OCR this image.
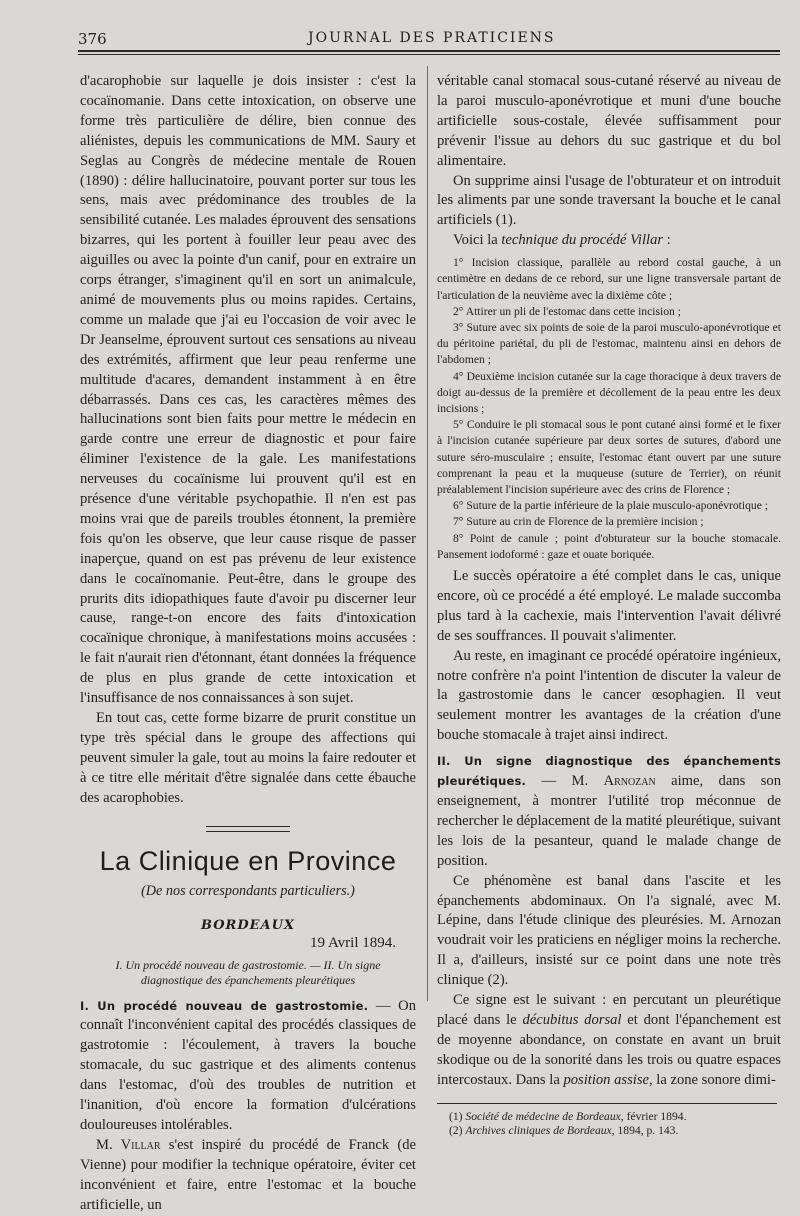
376	JOURNAL DES PRATICIENS

d'acarophobie sur laquelle je dois insister : c'est la cocaïnomanie. Dans cette intoxication, on observe une forme très particulière de délire, bien connue des aliénistes, depuis les communications de MM. Saury et Seglas au Congrès de médecine mentale de Rouen (1890) : délire hallucinatoire, pouvant porter sur tous les sens, mais avec prédominance des troubles de la sensibilité cutanée. Les malades éprouvent des sensations bizarres, qui les portent à fouiller leur peau avec des aiguilles ou avec la pointe d'un canif, pour en extraire un corps étranger, s'imaginent qu'il en sort un animalcule, animé de mouvements plus ou moins rapides. Certains, comme un malade que j'ai eu l'occasion de voir avec le Dr Jeanselme, éprouvent surtout ces sensations au niveau des extrémités, affirment que leur peau renferme une multitude d'acares, demandent instamment à en être débarrassés. Dans ces cas, les caractères mêmes des hallucinations sont bien faits pour mettre le médecin en garde contre une erreur de diagnostic et pour faire éliminer l'existence de la gale. Les manifestations nerveuses du cocaïnisme lui prouvent qu'il est en présence d'une véritable psychopathie. Il n'en est pas moins vrai que de pareils troubles étonnent, la première fois qu'on les observe, que leur cause risque de passer inaperçue, quand on est pas prévenu de leur existence dans le cocaïnomanie. Peut-être, dans le groupe des prurits dits idiopathiques faute d'avoir pu discerner leur cause, range-t-on encore des faits d'intoxication cocaïnique chronique, à manifestations moins accusées : le fait n'aurait rien d'étonnant, étant données la fréquence de plus en plus grande de cette intoxication et l'insuffisance de nos connaissances à son sujet.

En tout cas, cette forme bizarre de prurit constitue un type très spécial dans le groupe des affections qui peuvent simuler la gale, tout au moins la faire redouter et à ce titre elle méritait d'être signalée dans cette ébauche des acarophobies.

La Clinique en Province
(De nos correspondants particuliers.)
BORDEAUX
19 Avril 1894.
I. Un procédé nouveau de gastrostomie. — II. Un signe diagnostique des épanchements pleurétiques

I. Un procédé nouveau de gastrostomie. — On connaît l'inconvénient capital des procédés classiques de gastrotomie : l'écoulement, à travers la bouche stomacale, du suc gastrique et des aliments contenus dans l'estomac, d'où des troubles de nutrition et l'inanition, d'où encore la formation d'ulcérations douloureuses intolérables.

M. Villar s'est inspiré du procédé de Franck (de Vienne) pour modifier la technique opératoire, éviter cet inconvénient et faire, entre l'estomac et la bouche artificielle, un

véritable canal stomacal sous-cutané réservé au niveau de la paroi musculo-aponévrotique et muni d'une bouche artificielle sous-costale, élevée suffisamment pour prévenir l'issue au dehors du suc gastrique et du bol alimentaire.

On supprime ainsi l'usage de l'obturateur et on introduit les aliments par une sonde traversant la bouche et le canal artificiels (1).

Voici la technique du procédé Villar :

1° Incision classique, parallèle au rebord costal gauche, à un centimètre en dedans de ce rebord, sur une ligne transversale partant de l'articulation de la neuvième avec la dixième côte ;

2° Attirer un pli de l'estomac dans cette incision ;

3° Suture avec six points de soie de la paroi musculo-aponévrotique et du péritoine pariétal, du pli de l'estomac, maintenu ainsi en dehors de l'abdomen ;

4° Deuxième incision cutanée sur la cage thoracique à deux travers de doigt au-dessus de la première et décollement de la peau entre les deux incisions ;

5° Conduire le pli stomacal sous le pont cutané ainsi formé et le fixer à l'incision cutanée supérieure par deux sortes de sutures, d'abord une suture séro-musculaire ; ensuite, l'estomac étant ouvert par une suture comprenant la peau et la muqueuse (suture de Terrier), on réunit préalablement l'incision supérieure avec des crins de Florence ;

6° Suture de la partie inférieure de la plaie musculo-aponévrotique ;

7° Suture au crin de Florence de la première incision ;

8° Point de canule ; point d'obturateur sur la bouche stomacale. Pansement iodoformé : gaze et ouate boriquée.

Le succès opératoire a été complet dans le cas, unique encore, où ce procédé a été employé. Le malade succomba plus tard à la cachexie, mais l'intervention l'avait délivré de ses souffrances. Il pouvait s'alimenter.

Au reste, en imaginant ce procédé opératoire ingénieux, notre confrère n'a point l'intention de discuter la valeur de la gastrostomie dans le cancer œsophagien. Il veut seulement montrer les avantages de la création d'une bouche stomacale à trajet ainsi indirect.

II. Un signe diagnostique des épanchements pleurétiques. — M. Arnozan aime, dans son enseignement, à montrer l'utilité trop méconnue de rechercher le déplacement de la matité pleurétique, suivant les lois de la pesanteur, quand le malade change de position.

Ce phénomène est banal dans l'ascite et les épanchements abdominaux. On l'a signalé, avec M. Lépine, dans l'étude clinique des pleurésies. M. Arnozan voudrait voir les praticiens en négliger moins la recherche. Il a, d'ailleurs, insisté sur ce point dans une note très clinique (2).

Ce signe est le suivant : en percutant un pleurétique placé dans le décubitus dorsal et dont l'épanchement est de moyenne abondance, on constate en avant un bruit skodique ou de la sonorité dans les trois ou quatre espaces intercostaux. Dans la position assise, la zone sonore dimi-

(1) Société de médecine de Bordeaux, février 1894.

(2) Archives cliniques de Bordeaux, 1894, p. 143.
